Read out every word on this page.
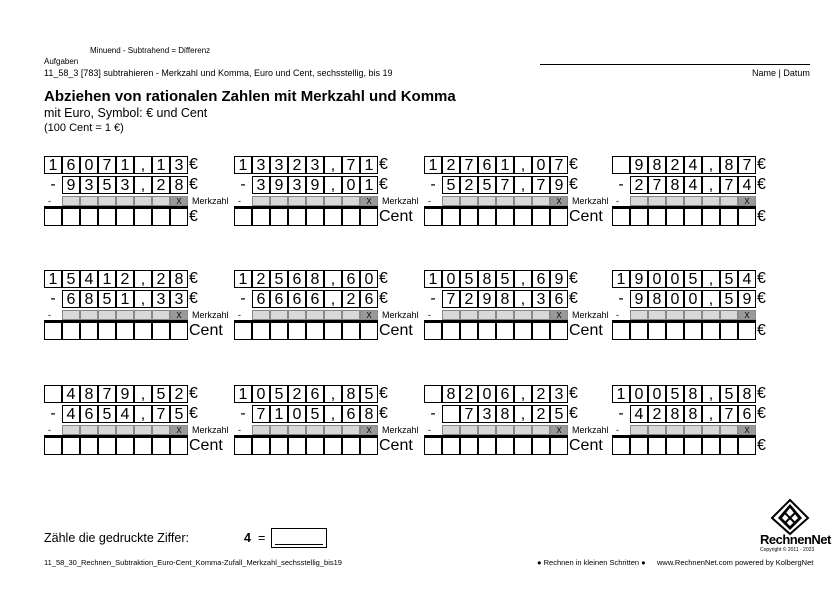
Minuend - Subtrahend = Differenz
Aufgaben
11_58_3 [783] subtrahieren - Merkzahl und Komma, Euro und Cent, sechsstellig, bis 19	Name | Datum
Abziehen von rationalen Zahlen mit Merkzahl und Komma
mit Euro, Symbol: € und Cent
(100 Cent = 1 €)
1 6 0 7 1 , 1 3 €
- 9 3 5 3 , 2 8 €
-	X	Merkzahl
€
1 3 3 2 3 , 7 1 €
- 3 9 3 9 , 0 1 €
-	X	Merkzahl
Cent
1 2 7 6 1 , 0 7 €
- 5 2 5 7 , 7 9 €
-	X	Merkzahl
Cent
9 8 2 4 , 8 7 €
- 2 7 8 4 , 7 4 €
-	X
€
1 5 4 1 2 , 2 8 €
- 6 8 5 1 , 3 3 €
-	X	Merkzahl
Cent
1 2 5 6 8 , 6 0 €
- 6 6 6 6 , 2 6 €
-	X	Merkzahl
Cent
1 0 5 8 5 , 6 9 €
- 7 2 9 8 , 3 6 €
-	X	Merkzahl
Cent
1 9 0 0 5 , 5 4 €
- 9 8 0 0 , 5 9 €
-	X
€
4 8 7 9 , 5 2 €
- 4 6 5 4 , 7 5 €
-	X	Merkzahl
Cent
1 0 5 2 6 , 8 5 €
- 7 1 0 5 , 6 8 €
-	X	Merkzahl
Cent
8 2 0 6 , 2 3 €
-	7 3 8 , 2 5 €
-	X	Merkzahl
Cent
1 0 0 5 8 , 5 8 €
- 4 2 8 8 , 7 6 €
-	X
€
Zähle die gedruckte Ziffer:	4 =
11_58_30_Rechnen_Subtraktion_Euro-Cent_Komma-Zufall_Merkzahl_sechsstellig_bis19	● Rechnen in kleinen Schritten ● www.RechnenNet.com powered by KolbergNet
RechnenNet
Copyright © 2011 - 2023
